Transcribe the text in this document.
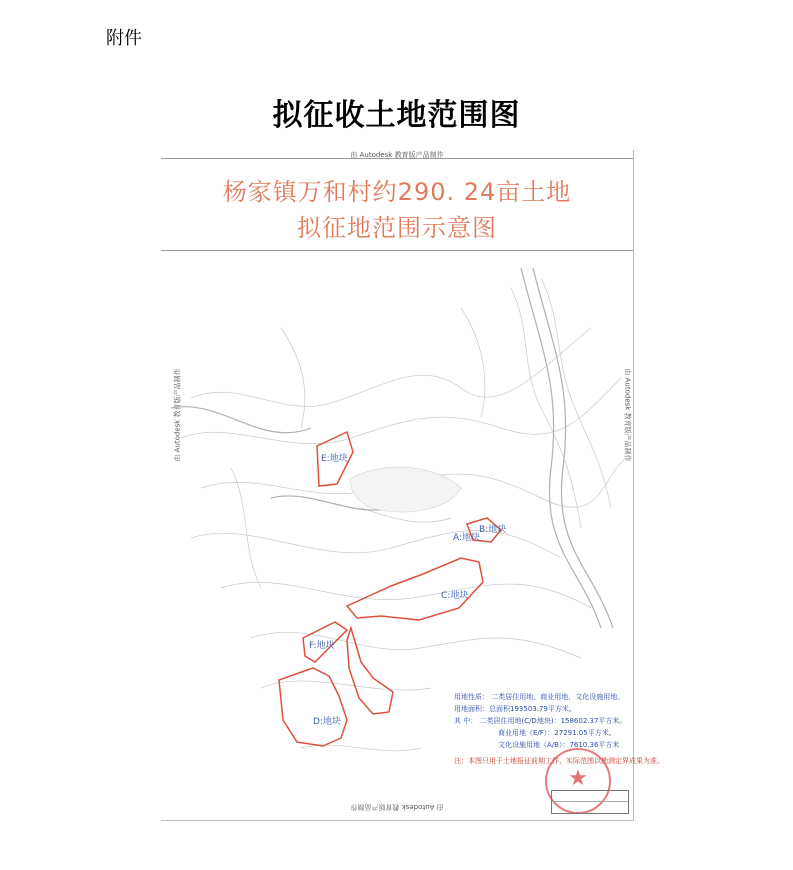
附件
拟征收土地范围图
由 Autodesk 教育版产品制作
杨家镇万和村约290. 24亩土地
拟征地范围示意图
由 Autodesk 教育版产品制作	由 Autodesk 教育版产品制作
E:地块
B:地块
A:地块
C:地块
F:地块
D:地块
用地性质： 二类居住用地、商业用地、文化设施用地。
用地面积：总面积193503.79平方米。
其 中： 二类居住用地(C/D地块)：158602.37平方米。
商业用地（E/F）：27291.05平方米。
文化设施用地（A/B）：7610.36平方米
注：本图只用于土地报征前期工作，实际范围以勘测定界成果为准。
★
由 Autodesk 教育版产品制作
